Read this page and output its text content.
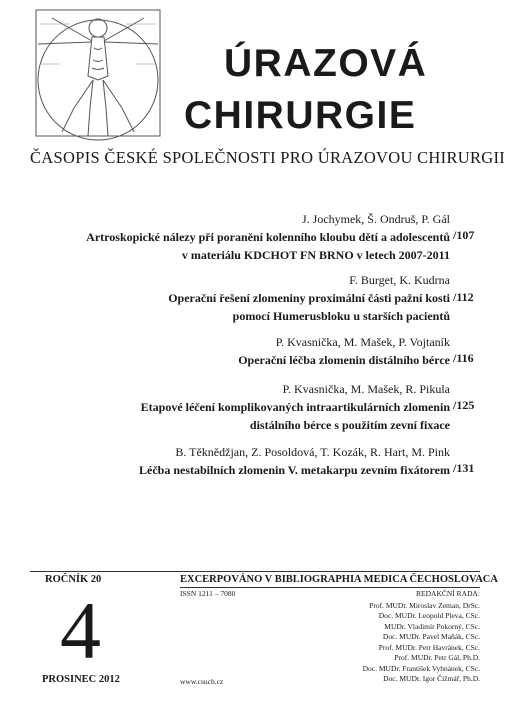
ÚRAZOVÁ
CHIRURGIE
ČASOPIS ČESKÉ SPOLEČNOSTI PRO ÚRAZOVOU CHIRURGII
J. Jochymek, Š. Ondruš, P. Gál
Artroskopické nálezy při poranění kolenního kloubu dětí a adolescentů
v materiálu KDCHOT FN BRNO v letech 2007-2011
/107
F. Burget, K. Kudrna
Operační řešení zlomeniny proximální části pažní kosti
pomocí Humerusbloku u starších pacientů
/112
P. Kvasnička, M. Mašek, P. Vojtaník
Operační léčba zlomenin distálního bérce /116
P. Kvasnička, M. Mašek, R. Pikula
Etapové léčení komplikovaných intraartikulárních zlomenin
distálního bérce s použitím zevní fixace
/125
B. Těknědžjan, Z. Posoldová, T. Kozák, R. Hart, M. Pink
Léčba nestabilních zlomenin V. metakarpu zevním fixátorem /131
ROČNÍK 20	EXCERPOVÁNO V BIBLIOGRAPHIA MEDICA ČECHOSLOVACA
ISSN 1211 – 7080
4
PROSINEC 2012	www.csuch.cz
REDAKČNÍ RADA:
Prof. MUDr. Miroslav Zeman, DrSc.
Doc. MUDr. Leopold Pleva, CSc.
MUDr. Vladimír Pokorný, CSc.
Doc. MUDr. Pavel Maňák, CSc.
Prof. MUDr. Petr Havránek, CSc.
Prof. MUDr. Petr Gál, Ph.D.
Doc. MUDr. František Vyhnánek, CSc.
Doc. MUDr. Igor Čižmář, Ph.D.
